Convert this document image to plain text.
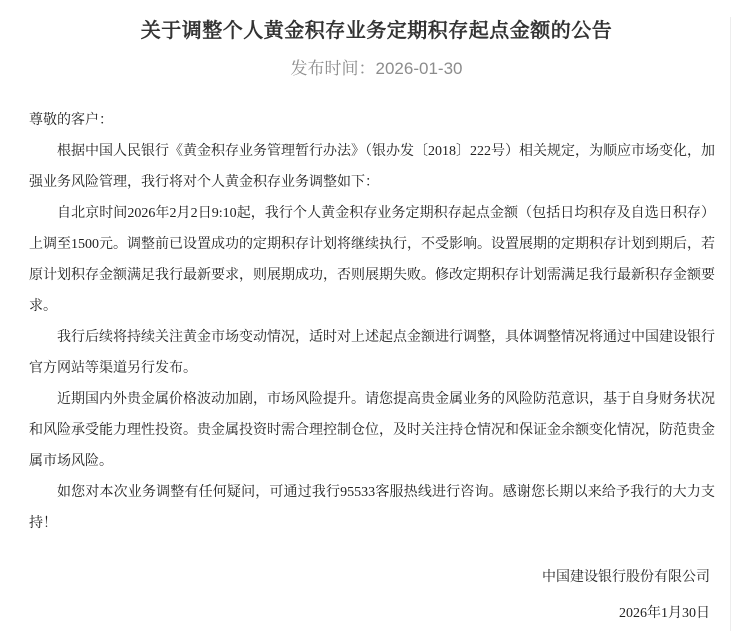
关于调整个人黄金积存业务定期积存起点金额的公告
发布时间：2026-01-30

尊敬的客户：

根据中国人民银行《黄金积存业务管理暂行办法》（银办发〔2018〕222号）相关规定，为顺应市场变化，加强业务风险管理，我行将对个人黄金积存业务调整如下：

自北京时间2026年2月2日9:10起，我行个人黄金积存业务定期积存起点金额（包括日均积存及自选日积存）上调至1500元。调整前已设置成功的定期积存计划将继续执行，不受影响。设置展期的定期积存计划到期后，若原计划积存金额满足我行最新要求，则展期成功，否则展期失败。修改定期积存计划需满足我行最新积存金额要求。

我行后续将持续关注黄金市场变动情况，适时对上述起点金额进行调整，具体调整情况将通过中国建设银行官方网站等渠道另行发布。

近期国内外贵金属价格波动加剧，市场风险提升。请您提高贵金属业务的风险防范意识，基于自身财务状况和风险承受能力理性投资。贵金属投资时需合理控制仓位，及时关注持仓情况和保证金余额变化情况，防范贵金属市场风险。

如您对本次业务调整有任何疑问，可通过我行95533客服热线进行咨询。感谢您长期以来给予我行的大力支持！

中国建设银行股份有限公司
2026年1月30日
